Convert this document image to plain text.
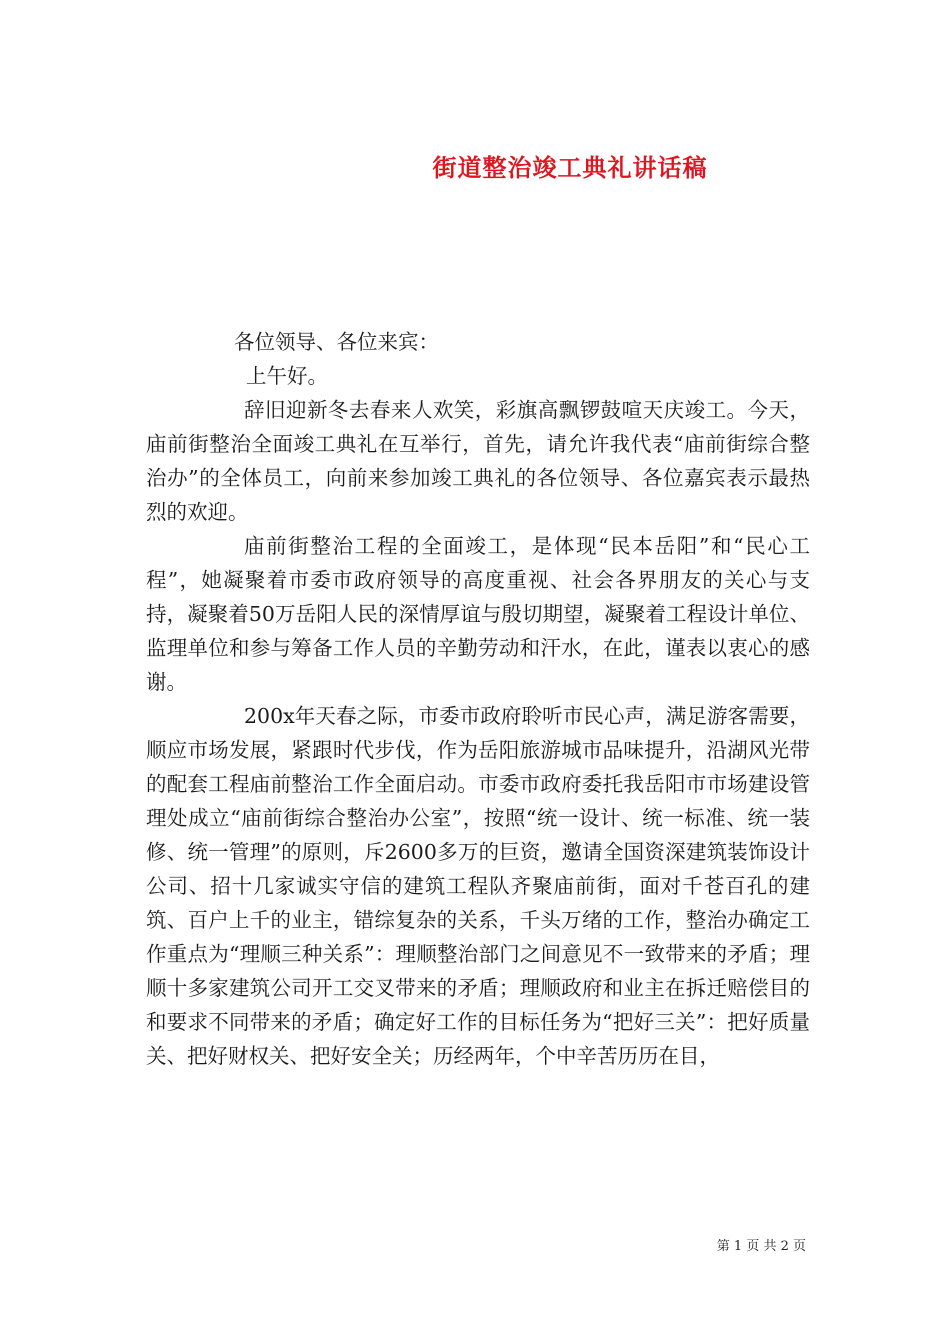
街道整治竣工典礼讲话稿

各位领导、各位来宾：

上午好。

辞旧迎新冬去春来人欢笑，彩旗高飘锣鼓喧天庆竣工。今天，庙前街整治全面竣工典礼在互举行，首先，请允许我代表“庙前街综合整治办”的全体员工，向前来参加竣工典礼的各位领导、各位嘉宾表示最热烈的欢迎。

庙前街整治工程的全面竣工，是体现“民本岳阳”和“民心工程”，她凝聚着市委市政府领导的高度重视、社会各界朋友的关心与支持，凝聚着50万岳阳人民的深情厚谊与殷切期望，凝聚着工程设计单位、监理单位和参与筹备工作人员的辛勤劳动和汗水，在此，谨表以衷心的感谢。

200x年天春之际，市委市政府聆听市民心声，满足游客需要，顺应市场发展，紧跟时代步伐，作为岳阳旅游城市品味提升，沿湖风光带的配套工程庙前整治工作全面启动。市委市政府委托我岳阳市市场建设管理处成立“庙前街综合整治办公室”，按照“统一设计、统一标准、统一装修、统一管理”的原则，斥2600多万的巨资，邀请全国资深建筑装饰设计公司、招十几家诚实守信的建筑工程队齐聚庙前街，面对千苍百孔的建筑、百户上千的业主，错综复杂的关系，千头万绪的工作，整治办确定工作重点为“理顺三种关系”：理顺整治部门之间意见不一致带来的矛盾；理顺十多家建筑公司开工交叉带来的矛盾；理顺政府和业主在拆迁赔偿目的和要求不同带来的矛盾；确定好工作的目标任务为“把好三关”：把好质量关、把好财权关、把好安全关；历经两年，个中辛苦历历在目，

第 1 页 共 2 页
